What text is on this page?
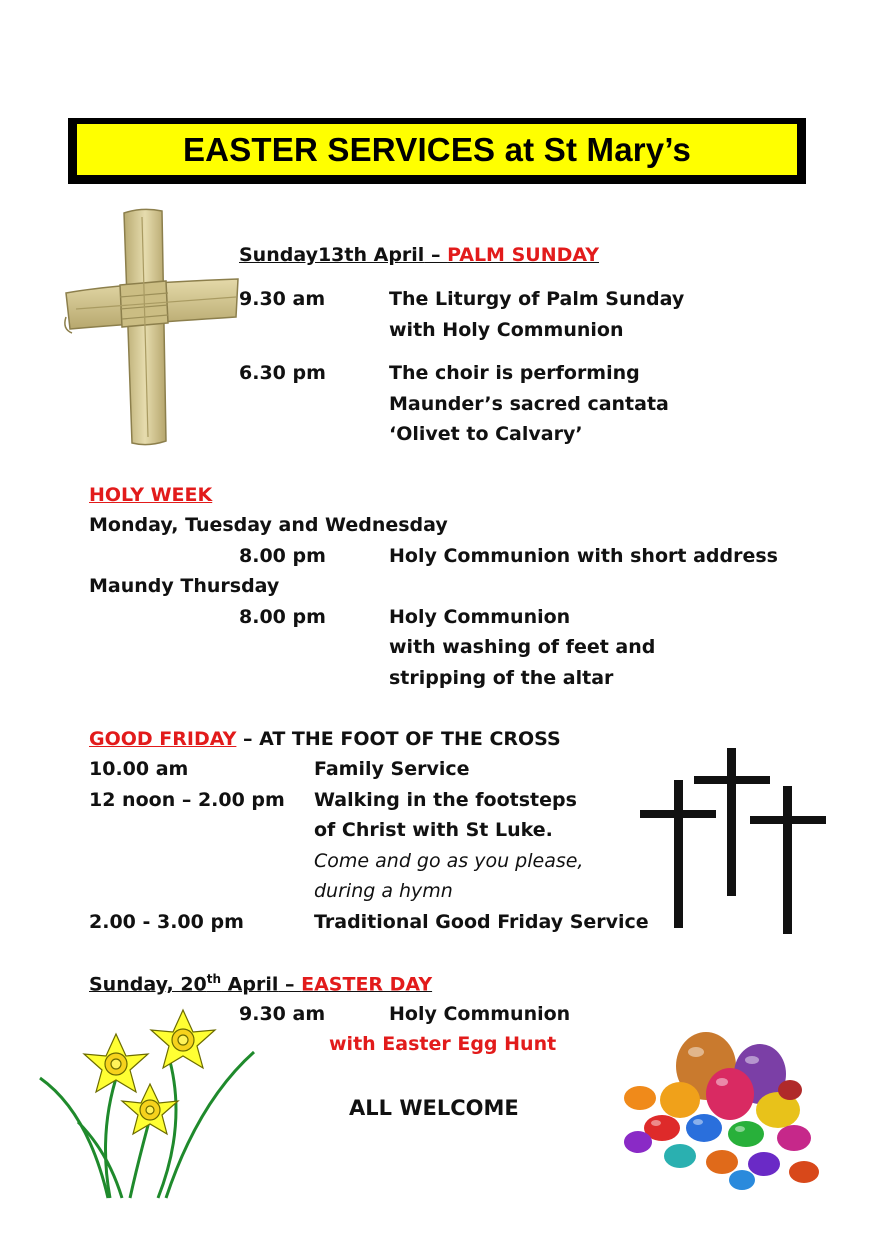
EASTER SERVICES at St Mary’s
Sunday13th April – PALM SUNDAY
9.30 am	The Liturgy of Palm Sunday
with Holy Communion
6.30 pm	The choir is performing
Maunder’s sacred cantata
‘Olivet to Calvary’
HOLY WEEK
Monday, Tuesday and Wednesday
8.00 pm	Holy Communion with short address
Maundy Thursday
8.00 pm	Holy Communion
with washing of feet and
stripping of the altar
GOOD FRIDAY – AT THE FOOT OF THE CROSS
10.00 am	Family Service
12 noon – 2.00 pm Walking in the footsteps
of Christ with St Luke.
Come and go as you please,
during a hymn
2.00 - 3.00 pm	Traditional Good Friday Service
Sunday, 20th April – EASTER DAY
9.30 am	Holy Communion
with Easter Egg Hunt
ALL WELCOME
